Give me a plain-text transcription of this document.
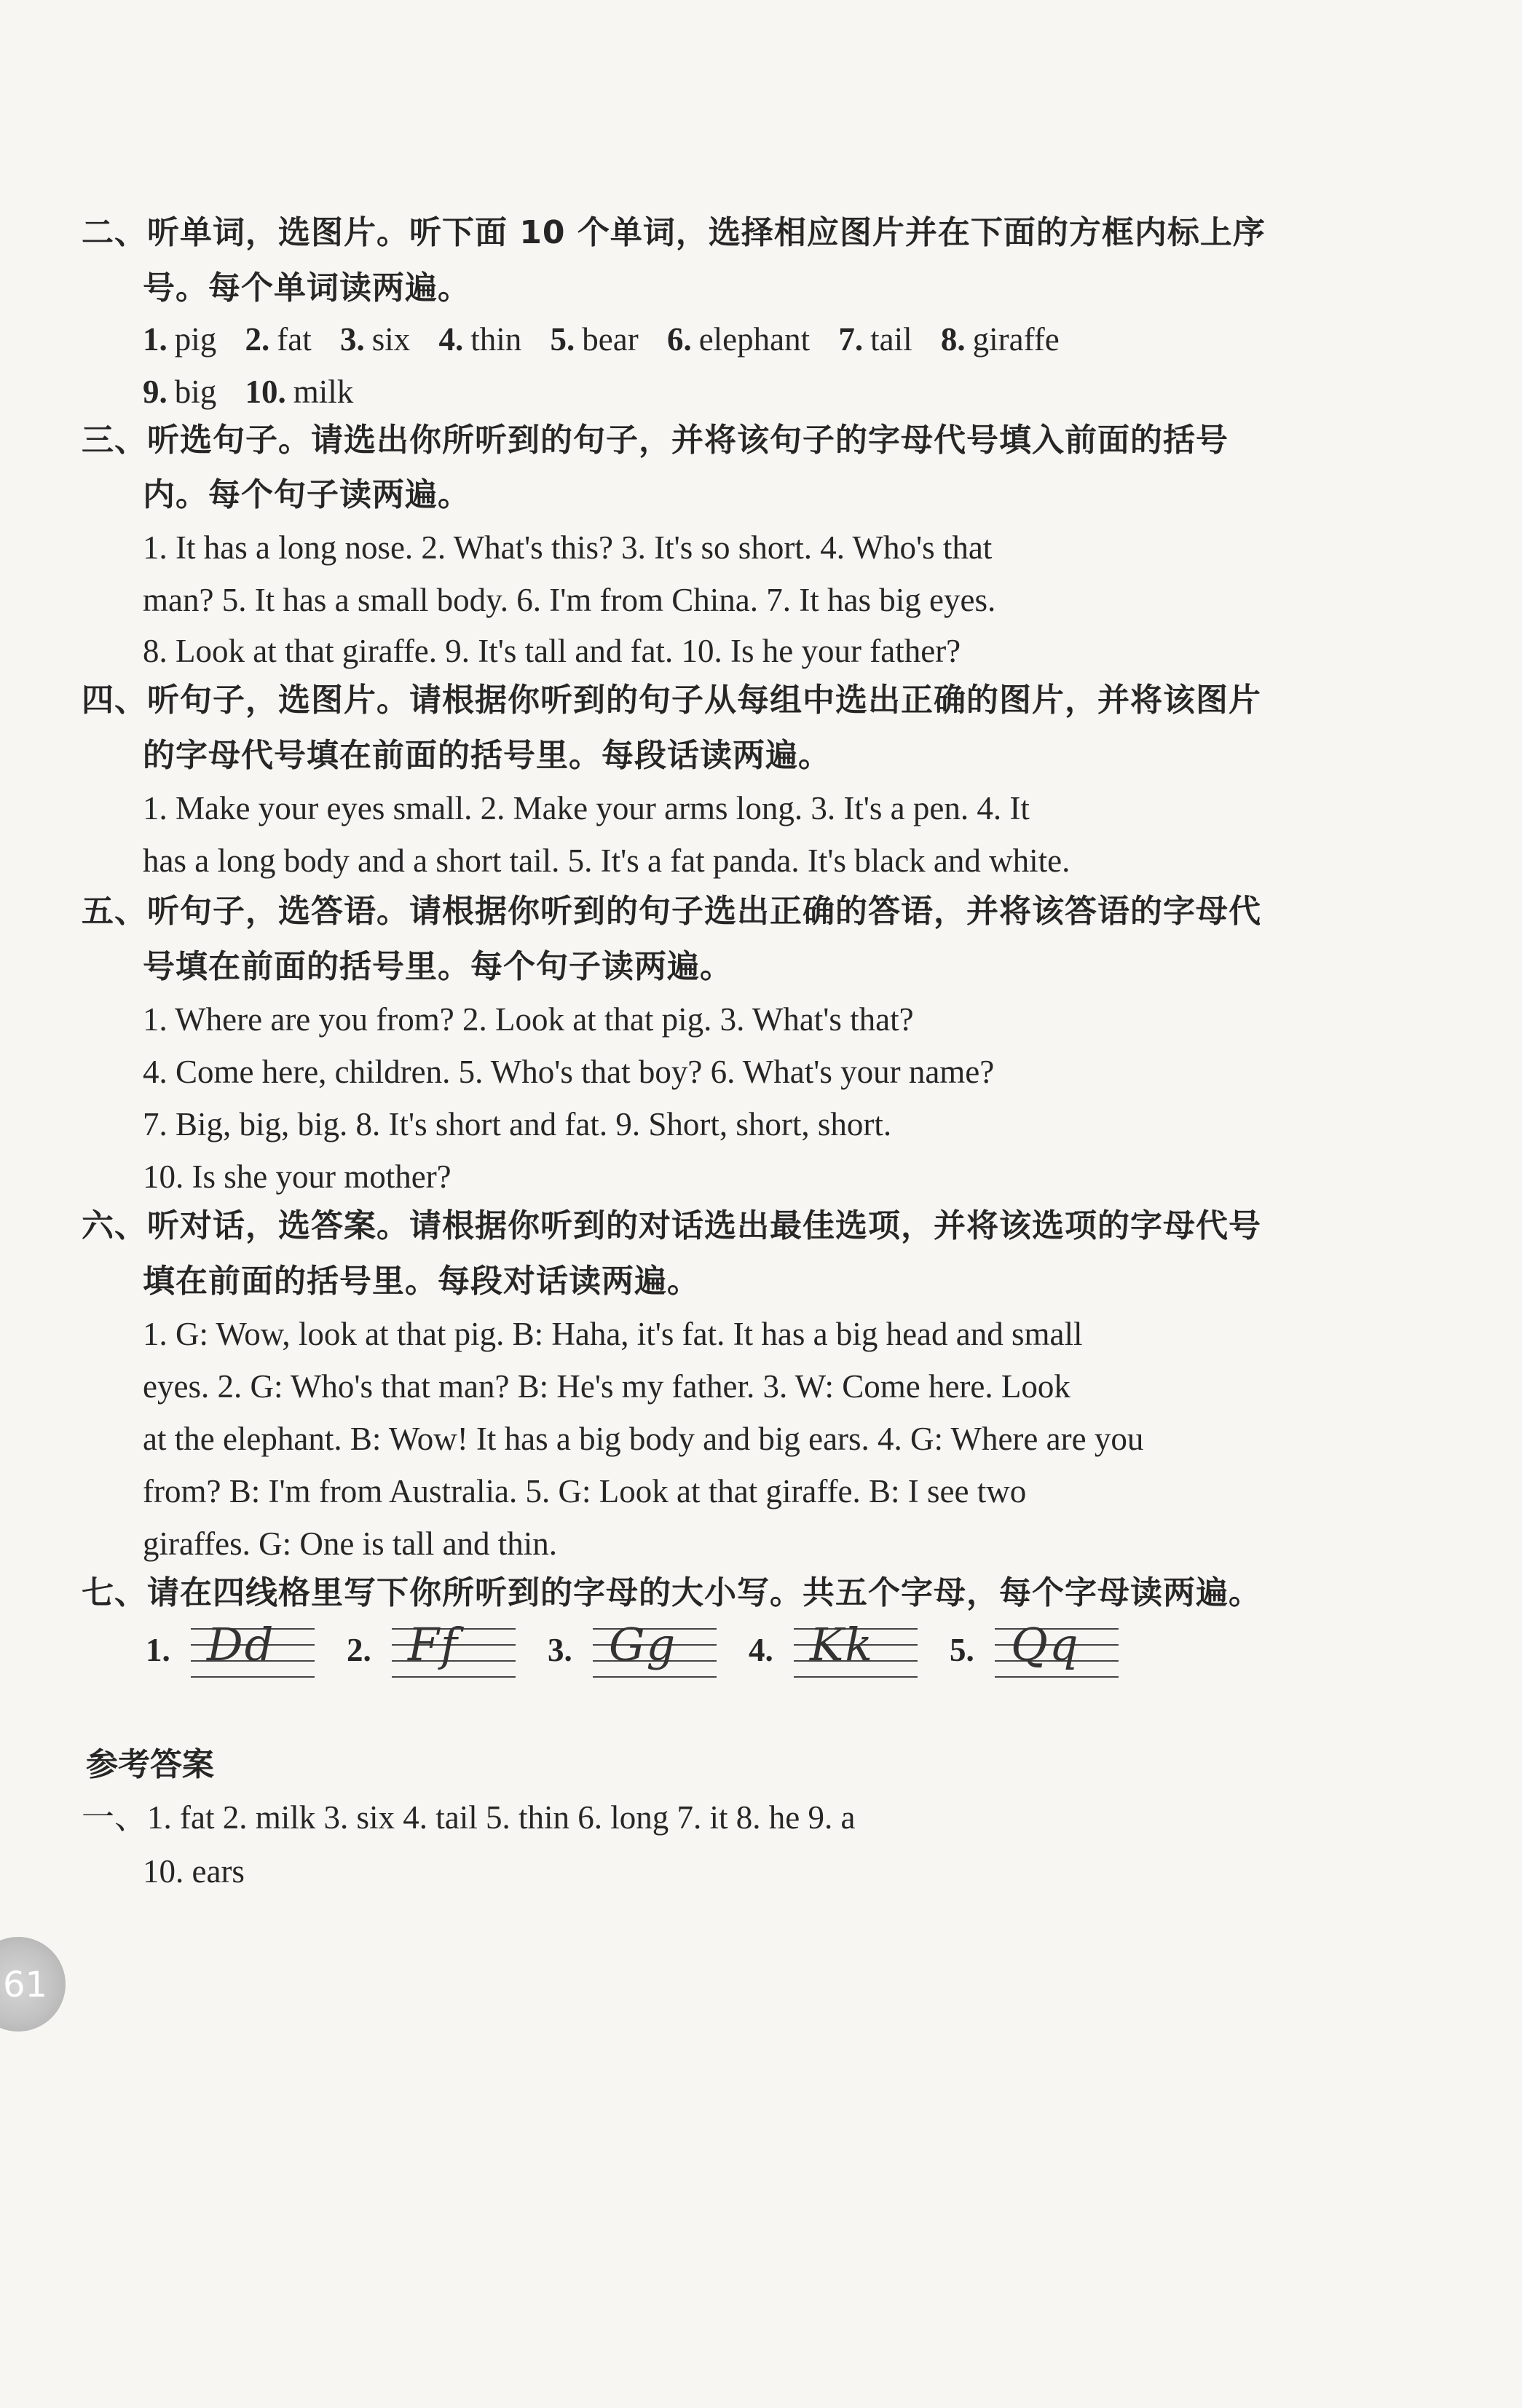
二、听单词，选图片。听下面 10 个单词，选择相应图片并在下面的方框内标上序
号。每个单词读两遍。
1. pig 2. fat 3. six 4. thin 5. bear 6. elephant 7. tail 8. giraffe
9. big 10. milk
三、听选句子。请选出你所听到的句子，并将该句子的字母代号填入前面的括号
内。每个句子读两遍。
1. It has a long nose. 2. What's this? 3. It's so short. 4. Who's that
man? 5. It has a small body. 6. I'm from China. 7. It has big eyes.
8. Look at that giraffe. 9. It's tall and fat. 10. Is he your father?
四、听句子，选图片。请根据你听到的句子从每组中选出正确的图片，并将该图片
的字母代号填在前面的括号里。每段话读两遍。
1. Make your eyes small. 2. Make your arms long. 3. It's a pen. 4. It
has a long body and a short tail. 5. It's a fat panda. It's black and white.
五、听句子，选答语。请根据你听到的句子选出正确的答语，并将该答语的字母代
号填在前面的括号里。每个句子读两遍。
1. Where are you from? 2. Look at that pig. 3. What's that?
4. Come here, children. 5. Who's that boy? 6. What's your name?
7. Big, big, big. 8. It's short and fat. 9. Short, short, short.
10. Is she your mother?
六、听对话，选答案。请根据你听到的对话选出最佳选项，并将该选项的字母代号
填在前面的括号里。每段对话读两遍。
1. G: Wow, look at that pig. B: Haha, it's fat. It has a big head and small
eyes. 2. G: Who's that man? B: He's my father. 3. W: Come here. Look
at the elephant. B: Wow! It has a big body and big ears. 4. G: Where are you
from? B: I'm from Australia. 5. G: Look at that giraffe. B: I see two
giraffes. G: One is tall and thin.
七、请在四线格里写下你所听到的字母的大小写。共五个字母，每个字母读两遍。
1. Dd 2. Ff	3. Gg 4. Kk 5. Qq
参考答案
一、1. fat 2. milk 3. six 4. tail 5. thin 6. long 7. it 8. he 9. a
10. ears
61
